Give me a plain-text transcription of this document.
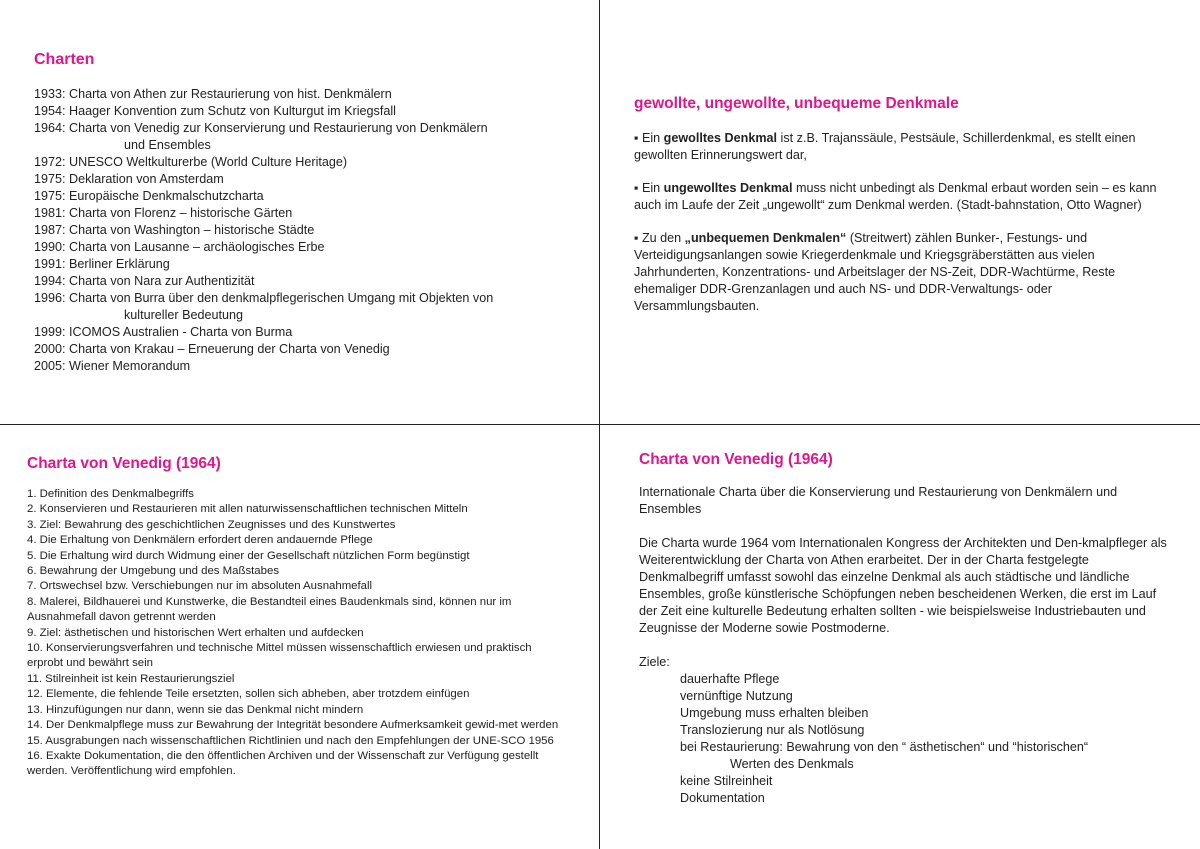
Charten
1933: Charta von Athen zur Restaurierung von hist. Denkmälern
1954: Haager Konvention zum Schutz von Kulturgut im Kriegsfall
1964: Charta von Venedig zur Konservierung und Restaurierung von Denkmälern
und Ensembles
1972: UNESCO Weltkulturerbe (World Culture Heritage)
1975: Deklaration von Amsterdam
1975: Europäische Denkmalschutzcharta
1981: Charta von Florenz – historische Gärten
1987: Charta von Washington – historische Städte
1990: Charta von Lausanne – archäologisches Erbe
1991: Berliner Erklärung
1994: Charta von Nara zur Authentizität
1996: Charta von Burra über den denkmalpflegerischen Umgang mit Objekten von
kultureller Bedeutung
1999: ICOMOS Australien - Charta von Burma
2000: Charta von Krakau – Erneuerung der Charta von Venedig
2005: Wiener Memorandum
gewollte, ungewollte, unbequeme Denkmale

▪ Ein gewolltes Denkmal ist z.B. Trajanssäule, Pestsäule, Schillerdenkmal, es stellt einen gewollten Erinnerungswert dar,

▪ Ein ungewolltes Denkmal muss nicht unbedingt als Denkmal erbaut worden sein – es kann auch im Laufe der Zeit „ungewollt“ zum Denkmal werden. (Stadt-bahnstation, Otto Wagner)

▪ Zu den „unbequemen Denkmalen“ (Streitwert) zählen Bunker-, Festungs- und Verteidigungsanlangen sowie Kriegerdenkmale und Kriegsgräberstätten aus vielen Jahrhunderten, Konzentrations- und Arbeitslager der NS-Zeit, DDR-Wachtürme, Reste ehemaliger DDR-Grenzanlagen und auch NS- und DDR-Verwaltungs- oder Versammlungsbauten.

Charta von Venedig (1964)
1. Definition des Denkmalbegriffs
2. Konservieren und Restaurieren mit allen naturwissenschaftlichen technischen Mitteln
3. Ziel: Bewahrung des geschichtlichen Zeugnisses und des Kunstwertes
4. Die Erhaltung von Denkmälern erfordert deren andauernde Pflege
5. Die Erhaltung wird durch Widmung einer der Gesellschaft nützlichen Form begünstigt
6. Bewahrung der Umgebung und des Maßstabes
7. Ortswechsel bzw. Verschiebungen nur im absoluten Ausnahmefall
8. Malerei, Bildhauerei und Kunstwerke, die Bestandteil eines Baudenkmals sind, können nur im Ausnahmefall davon getrennt werden
9. Ziel: ästhetischen und historischen Wert erhalten und aufdecken
10. Konservierungsverfahren und technische Mittel müssen wissenschaftlich erwiesen und praktisch erprobt und bewährt sein
11. Stilreinheit ist kein Restaurierungsziel
12. Elemente, die fehlende Teile ersetzten, sollen sich abheben, aber trotzdem einfügen
13. Hinzufügungen nur dann, wenn sie das Denkmal nicht mindern
14. Der Denkmalpflege muss zur Bewahrung der Integrität besondere Aufmerksamkeit gewid-met werden
15. Ausgrabungen nach wissenschaftlichen Richtlinien und nach den Empfehlungen der UNE-SCO 1956
16. Exakte Dokumentation, die den öffentlichen Archiven und der Wissenschaft zur Verfügung gestellt werden. Veröffentlichung wird empfohlen.
Charta von Venedig (1964)

Internationale Charta über die Konservierung und Restaurierung von Denkmälern und Ensembles

Die Charta wurde 1964 vom Internationalen Kongress der Architekten und Den-kmalpfleger als Weiterentwicklung der Charta von Athen erarbeitet. Der in der Charta festgelegte Denkmalbegriff umfasst sowohl das einzelne Denkmal als auch städtische und ländliche Ensembles, große künstlerische Schöpfungen neben bescheidenen Werken, die erst im Lauf der Zeit eine kulturelle Bedeutung erhalten sollten - wie beispielsweise Industriebauten und Zeugnisse der Moderne sowie Postmoderne.

Ziele:
dauerhafte Pflege
vernünftige Nutzung
Umgebung muss erhalten bleiben
Translozierung nur als Notlösung
bei Restaurierung: Bewahrung von den “ ästhetischen“ und “historischen“
Werten des Denkmals
keine Stilreinheit
Dokumentation
